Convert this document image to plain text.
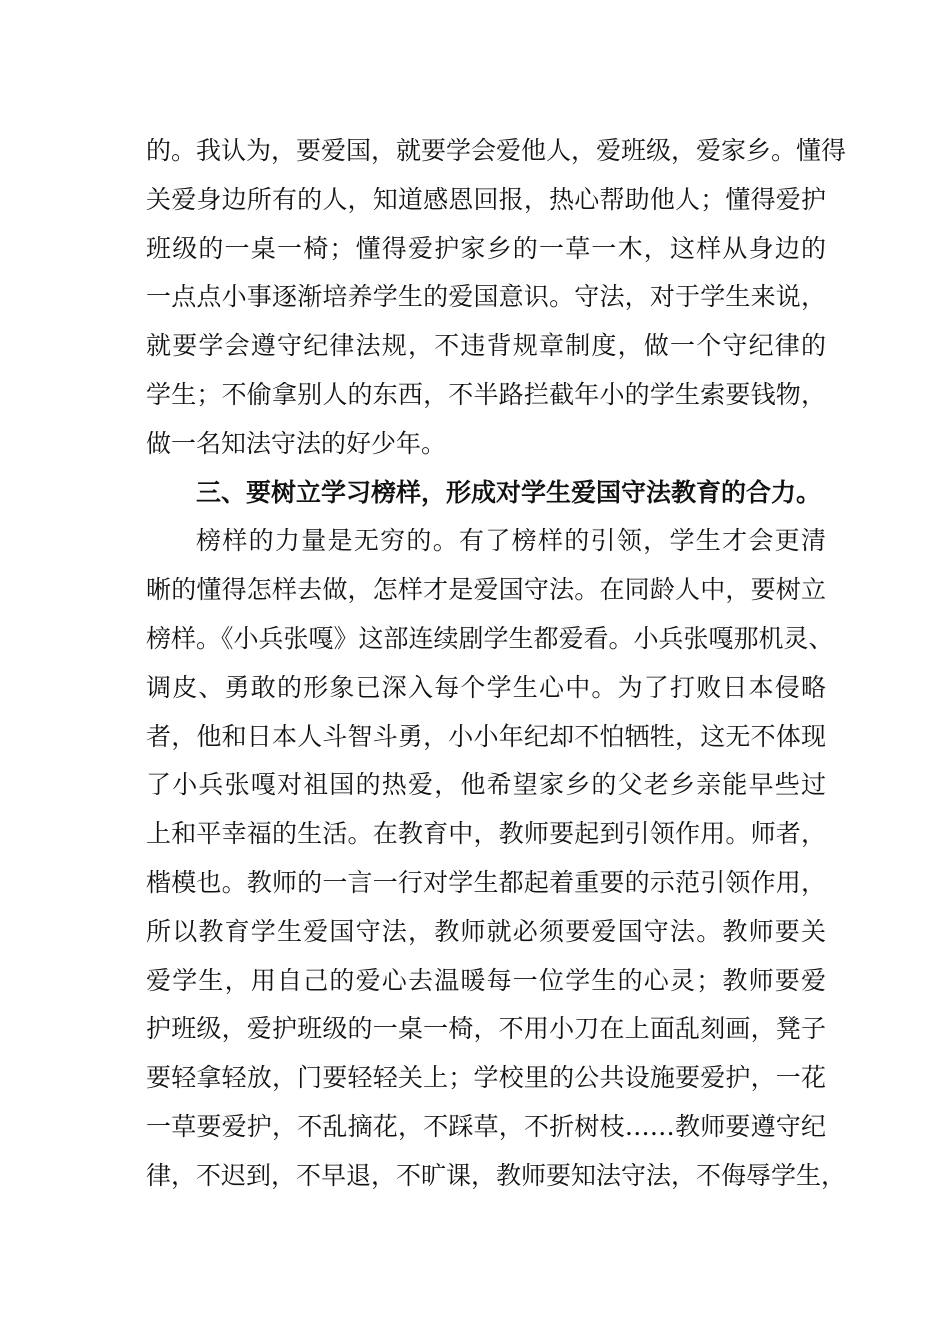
的。我认为，要爱国，就要学会爱他人，爱班级，爱家乡。懂得
关爱身边所有的人，知道感恩回报，热心帮助他人；懂得爱护
班级的一桌一椅；懂得爱护家乡的一草一木，这样从身边的
一点点小事逐渐培养学生的爱国意识。守法，对于学生来说，
就要学会遵守纪律法规，不违背规章制度，做一个守纪律的
学生；不偷拿别人的东西，不半路拦截年小的学生索要钱物，
做一名知法守法的好少年。
三、要树立学习榜样，形成对学生爱国守法教育的合力。
榜样的力量是无穷的。有了榜样的引领，学生才会更清
晰的懂得怎样去做，怎样才是爱国守法。在同龄人中，要树立
榜样。《小兵张嘎》这部连续剧学生都爱看。小兵张嘎那机灵、
调皮、勇敢的形象已深入每个学生心中。为了打败日本侵略
者，他和日本人斗智斗勇，小小年纪却不怕牺牲，这无不体现
了小兵张嘎对祖国的热爱，他希望家乡的父老乡亲能早些过
上和平幸福的生活。在教育中，教师要起到引领作用。师者，
楷模也。教师的一言一行对学生都起着重要的示范引领作用，
所以教育学生爱国守法，教师就必须要爱国守法。教师要关
爱学生，用自己的爱心去温暖每一位学生的心灵；教师要爱
护班级，爱护班级的一桌一椅，不用小刀在上面乱刻画，凳子
要轻拿轻放，门要轻轻关上；学校里的公共设施要爱护，一花
一草要爱护，不乱摘花，不踩草，不折树枝……教师要遵守纪
律，不迟到，不早退，不旷课，教师要知法守法，不侮辱学生，
